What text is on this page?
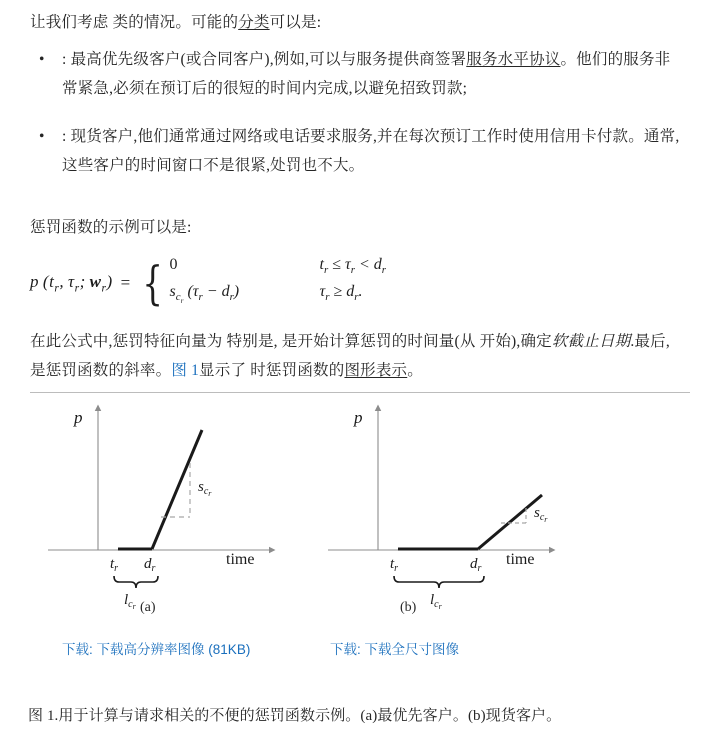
让我们考虑 类的情况。可能的分类可以是:
• : 最高优先级客户(或合同客户),例如,可以与服务提供商签署服务水平协议。他们的服务非常紧急,必须在预订后的很短的时间内完成,以避免招致罚款;
• : 现货客户,他们通常通过网络或电话要求服务,并在每次预订工作时使用信用卡付款。通常,这些客户的时间窗口不是很紧,处罚也不大。
惩罚函数的示例可以是:
p ($t_r$, $\tau_r$; $w_r$) = { 0	$t_r \le \tau_r < d_r$
$s_{c_r}$ $(\tau_r - d_r)$	$\tau_r \ge d_r$.
在此公式中,惩罚特征向量为 特别是, 是开始计算惩罚的时间量(从 开始),确定软截止日期.最后, 是惩罚函数的斜率。图 1显示了 时惩罚函数的图形表示。
p
time
$t_r$ $d_r$
$s_cr$
$l_cr$
p
time
$t_r$	$d_r$
$s_cr$
$l_cr$
(a)	(b)
下载: 下载高分辨率图像 (81KB)	下载: 下载全尺寸图像
图 1.用于计算与请求相关的不便的惩罚函数示例。(a)最优先客户。(b)现货客户。
